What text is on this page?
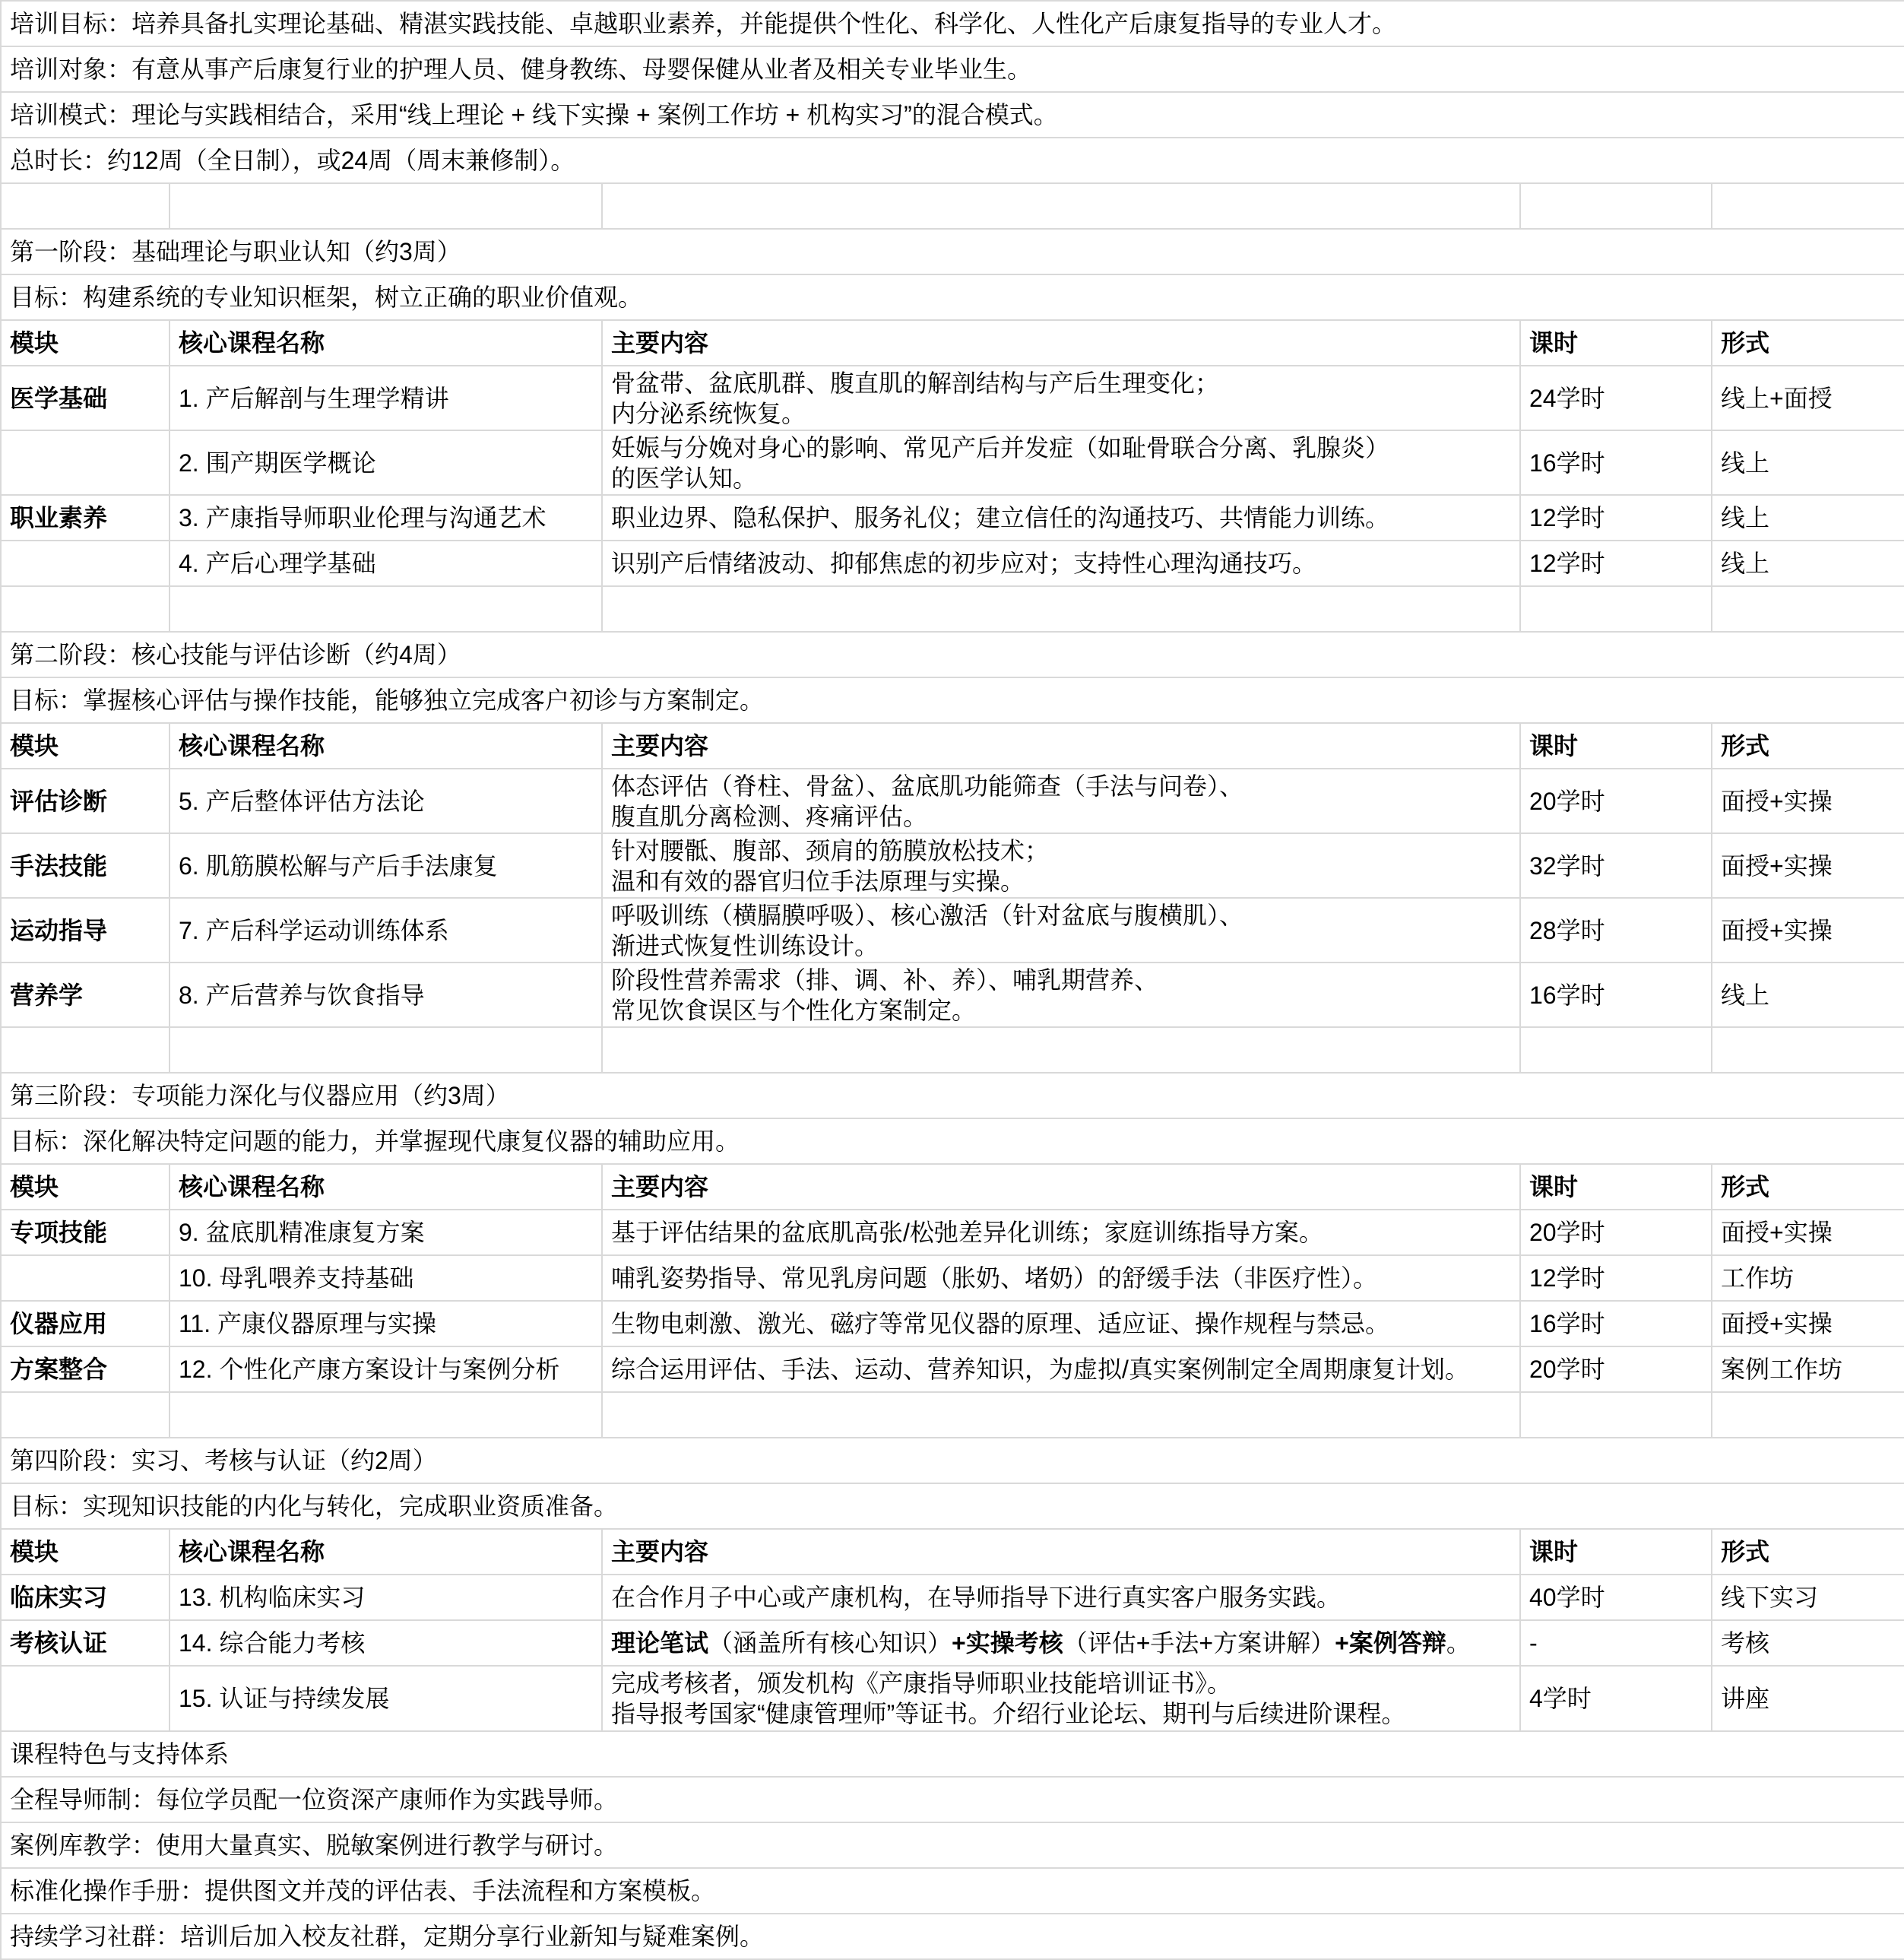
培训目标：培养具备扎实理论基础、精湛实践技能、卓越职业素养，并能提供个性化、科学化、人性化产后康复指导的专业人才。				
培训对象：有意从事产后康复行业的护理人员、健身教练、母婴保健从业者及相关专业毕业生。				
培训模式：理论与实践相结合，采用“线上理论 + 线下实操 + 案例工作坊 + 机构实习”的混合模式。				
总时长：约12周（全日制），或24周（周末兼修制）。				

第一阶段：基础理论与职业认知（约3周）				
目标：构建系统的专业知识框架，树立正确的职业价值观。				
模块	核心课程名称	主要内容	课时	形式
医学基础	1. 产后解剖与生理学精讲	骨盆带、盆底肌群、腹直肌的解剖结构与产后生理变化；
内分泌系统恢复。	24学时	线上+面授
	2. 围产期医学概论	妊娠与分娩对身心的影响、常见产后并发症（如耻骨联合分离、乳腺炎）
的医学认知。	16学时	线上
职业素养	3. 产康指导师职业伦理与沟通艺术	职业边界、隐私保护、服务礼仪；建立信任的沟通技巧、共情能力训练。	12学时	线上
	4. 产后心理学基础	识别产后情绪波动、抑郁焦虑的初步应对；支持性心理沟通技巧。	12学时	线上

第二阶段：核心技能与评估诊断（约4周）				
目标：掌握核心评估与操作技能，能够独立完成客户初诊与方案制定。				
模块	核心课程名称	主要内容	课时	形式
评估诊断	5. 产后整体评估方法论	体态评估（脊柱、骨盆）、盆底肌功能筛查（手法与问卷）、
腹直肌分离检测、疼痛评估。	20学时	面授+实操
手法技能	6. 肌筋膜松解与产后手法康复	针对腰骶、腹部、颈肩的筋膜放松技术；
温和有效的器官归位手法原理与实操。	32学时	面授+实操
运动指导	7. 产后科学运动训练体系	呼吸训练（横膈膜呼吸）、核心激活（针对盆底与腹横肌）、
渐进式恢复性训练设计。	28学时	面授+实操
营养学	8. 产后营养与饮食指导	阶段性营养需求（排、调、补、养）、哺乳期营养、
常见饮食误区与个性化方案制定。	16学时	线上

第三阶段：专项能力深化与仪器应用（约3周）				
目标：深化解决特定问题的能力，并掌握现代康复仪器的辅助应用。				
模块	核心课程名称	主要内容	课时	形式
专项技能	9. 盆底肌精准康复方案	基于评估结果的盆底肌高张/松弛差异化训练；家庭训练指导方案。	20学时	面授+实操
	10. 母乳喂养支持基础	哺乳姿势指导、常见乳房问题（胀奶、堵奶）的舒缓手法（非医疗性）。	12学时	工作坊
仪器应用	11. 产康仪器原理与实操	生物电刺激、激光、磁疗等常见仪器的原理、适应证、操作规程与禁忌。	16学时	面授+实操
方案整合	12. 个性化产康方案设计与案例分析	综合运用评估、手法、运动、营养知识，为虚拟/真实案例制定全周期康复计划。	20学时	案例工作坊

第四阶段：实习、考核与认证（约2周）				
目标：实现知识技能的内化与转化，完成职业资质准备。				
模块	核心课程名称	主要内容	课时	形式
临床实习	13. 机构临床实习	在合作月子中心或产康机构，在导师指导下进行真实客户服务实践。	40学时	线下实习
考核认证	14. 综合能力考核	理论笔试（涵盖所有核心知识）+实操考核（评估+手法+方案讲解）+案例答辩。	-	考核
	15. 认证与持续发展	完成考核者，颁发机构《产康指导师职业技能培训证书》。
指导报考国家“健康管理师”等证书。介绍行业论坛、期刊与后续进阶课程。	4学时	讲座
课程特色与支持体系				
全程导师制：每位学员配一位资深产康师作为实践导师。				
案例库教学：使用大量真实、脱敏案例进行教学与研讨。				
标准化操作手册：提供图文并茂的评估表、手法流程和方案模板。				
持续学习社群：培训后加入校友社群，定期分享行业新知与疑难案例。				
